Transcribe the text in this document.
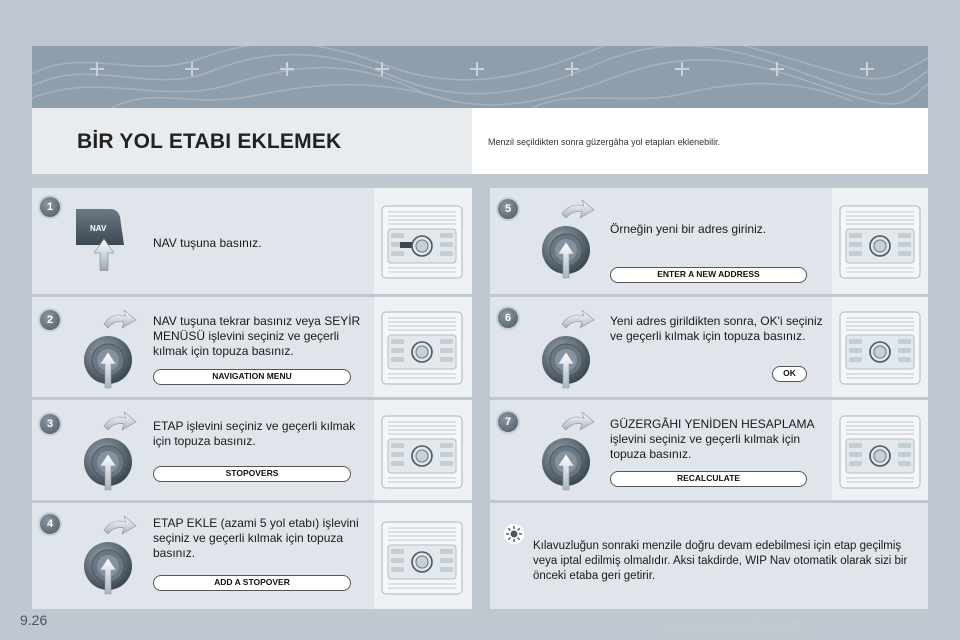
BİR YOL ETABI EKLEMEK	Menzil seçildikten sonra güzergâha yol etapları eklenebilir.
1
NAV
NAV tuşuna basınız.
2	NAV tuşuna tekrar basınız veya SEYİR MENÜSÜ işlevini seçiniz ve geçerli kılmak için topuza basınız.
NAVIGATION MENU
3	ETAP işlevini seçiniz ve geçerli kılmak için topuza basınız.
STOPOVERS
4	ETAP EKLE (azami 5 yol etabı) işlevini seçiniz ve geçerli kılmak için topuza basınız.
ADD A STOPOVER
5
Örneğin yeni bir adres giriniz.
ENTER A NEW ADDRESS
6	Yeni adres girildikten sonra, OK'i seçiniz ve geçerli kılmak için topuza basınız.
OK
7	GÜZERGÂHI YENİDEN HESAPLAMA işlevini seçiniz ve geçerli kılmak için topuza basınız.
RECALCULATE
Kılavuzluğun sonraki menzile doğru devam edebilmesi için etap geçilmiş veya iptal edilmiş olmalıdır. Aksi takdirde, WIP Nav otomatik olarak sizi bir önceki etaba geri getirir.
9.26	carmanualsonline.info
